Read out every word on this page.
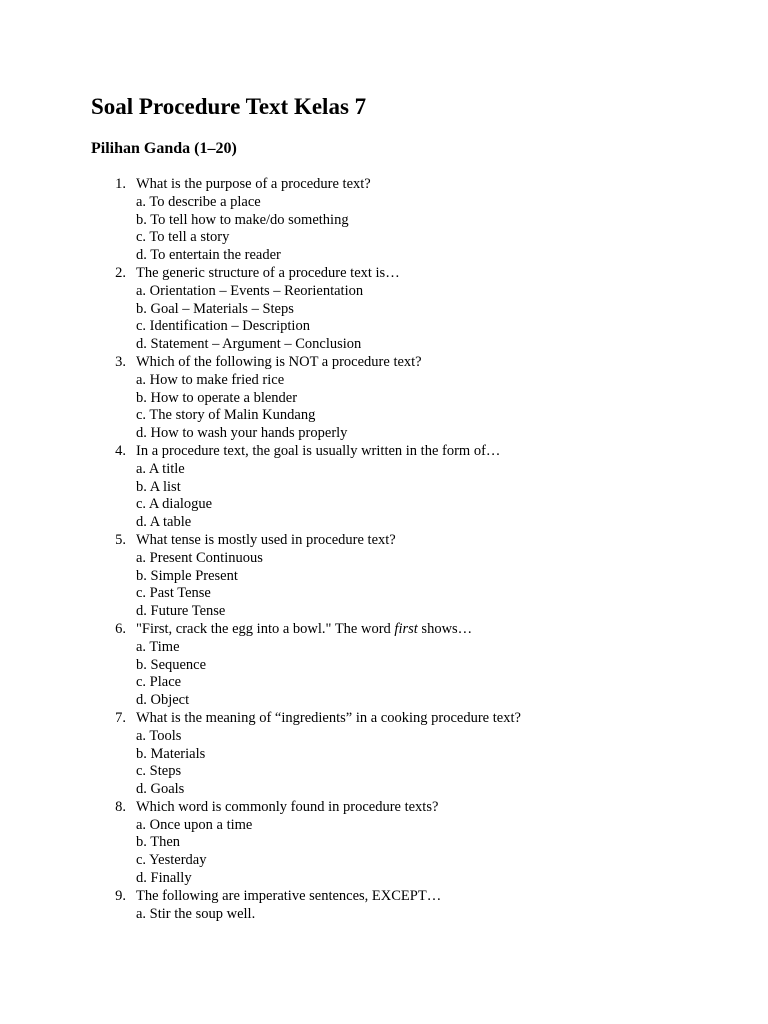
Soal Procedure Text Kelas 7
Pilihan Ganda (1–20)
1. What is the purpose of a procedure text?
a. To describe a place
b. To tell how to make/do something
c. To tell a story
d. To entertain the reader
2. The generic structure of a procedure text is…
a. Orientation – Events – Reorientation
b. Goal – Materials – Steps
c. Identification – Description
d. Statement – Argument – Conclusion
3. Which of the following is NOT a procedure text?
a. How to make fried rice
b. How to operate a blender
c. The story of Malin Kundang
d. How to wash your hands properly
4. In a procedure text, the goal is usually written in the form of…
a. A title
b. A list
c. A dialogue
d. A table
5. What tense is mostly used in procedure text?
a. Present Continuous
b. Simple Present
c. Past Tense
d. Future Tense
6. "First, crack the egg into a bowl." The word first shows…
a. Time
b. Sequence
c. Place
d. Object
7. What is the meaning of “ingredients” in a cooking procedure text?
a. Tools
b. Materials
c. Steps
d. Goals
8. Which word is commonly found in procedure texts?
a. Once upon a time
b. Then
c. Yesterday
d. Finally
9. The following are imperative sentences, EXCEPT…
a. Stir the soup well.
